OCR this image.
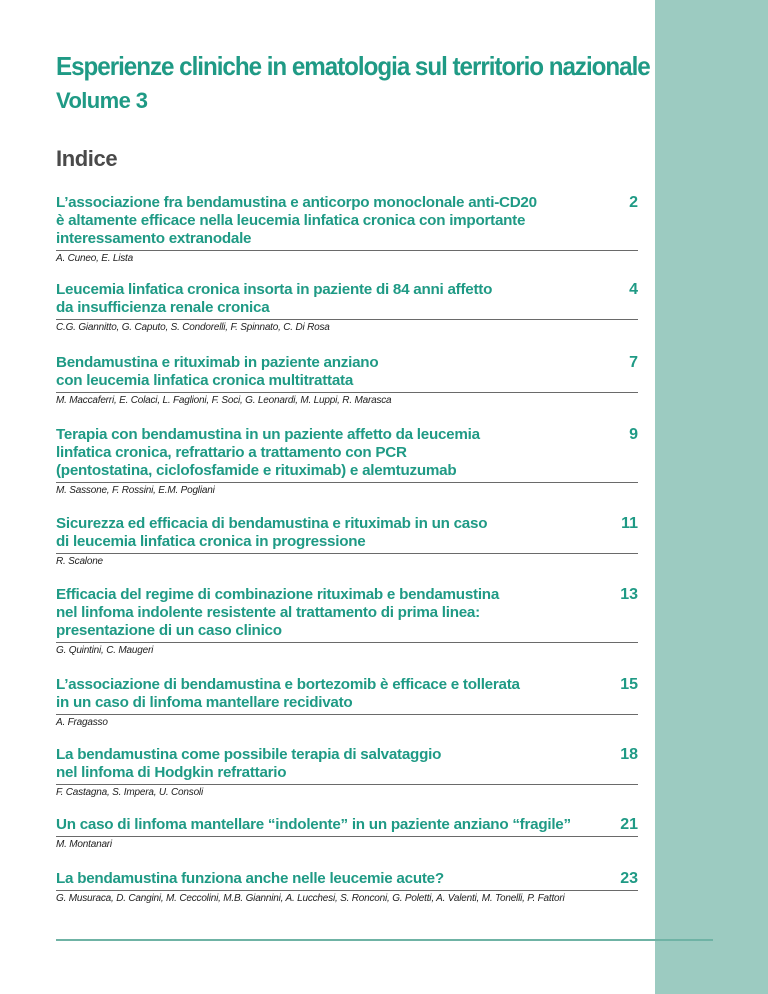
Esperienze cliniche in ematologia sul territorio nazionale
Volume 3
Indice
L’associazione fra bendamustina e anticorpo monoclonale anti-CD20
è altamente efficace nella leucemia linfatica cronica con importante
interessamento extranodale
2
A. Cuneo, E. Lista
Leucemia linfatica cronica insorta in paziente di 84 anni affetto
da insufficienza renale cronica
4
C.G. Giannitto, G. Caputo, S. Condorelli, F. Spinnato, C. Di Rosa
Bendamustina e rituximab in paziente anziano
con leucemia linfatica cronica multitrattata
7
M. Maccaferri, E. Colaci, L. Faglioni, F. Soci, G. Leonardi, M. Luppi, R. Marasca
Terapia con bendamustina in un paziente affetto da leucemia
linfatica cronica, refrattario a trattamento con PCR
(pentostatina, ciclofosfamide e rituximab) e alemtuzumab
9
M. Sassone, F. Rossini, E.M. Pogliani
Sicurezza ed efficacia di bendamustina e rituximab in un caso
di leucemia linfatica cronica in progressione
11
R. Scalone
Efficacia del regime di combinazione rituximab e bendamustina
nel linfoma indolente resistente al trattamento di prima linea:
presentazione di un caso clinico
13
G. Quintini, C. Maugeri
L’associazione di bendamustina e bortezomib è efficace e tollerata
in un caso di linfoma mantellare recidivato
15
A. Fragasso
La bendamustina come possibile terapia di salvataggio
nel linfoma di Hodgkin refrattario
18
F. Castagna, S. Impera, U. Consoli
Un caso di linfoma mantellare “indolente” in un paziente anziano “fragile”	21
M. Montanari
La bendamustina funziona anche nelle leucemie acute?	23
G. Musuraca, D. Cangini, M. Ceccolini, M.B. Giannini, A. Lucchesi, S. Ronconi, G. Poletti, A. Valenti, M. Tonelli, P. Fattori
